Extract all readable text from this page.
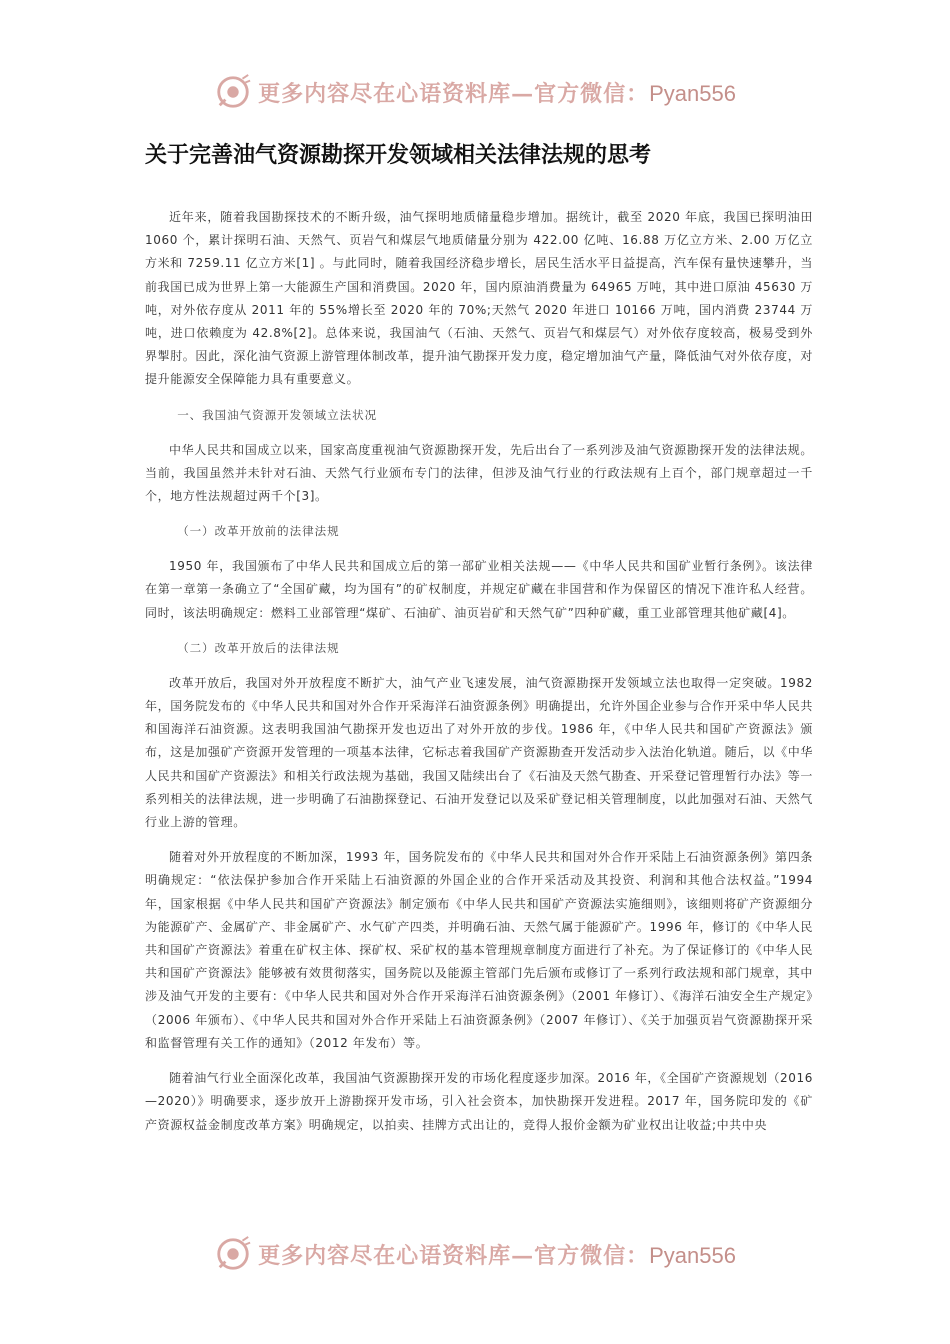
更多内容尽在心语资料库—官方微信：Pyan556
关于完善油气资源勘探开发领域相关法律法规的思考

近年来，随着我国勘探技术的不断升级，油气探明地质储量稳步增加。据统计，截至 2020 年底，我国已探明油田 1060 个，累计探明石油、天然气、页岩气和煤层气地质储量分别为 422.00 亿吨、16.88 万亿立方米、2.00 万亿立方米和 7259.11 亿立方米[1] 。与此同时，随着我国经济稳步增长，居民生活水平日益提高，汽车保有量快速攀升，当前我国已成为世界上第一大能源生产国和消费国。2020 年，国内原油消费量为 64965 万吨，其中进口原油 45630 万吨，对外依存度从 2011 年的 55%增长至 2020 年的 70%;天然气 2020 年进口 10166 万吨，国内消费 23744 万吨，进口依赖度为 42.8%[2]。总体来说，我国油气（石油、天然气、页岩气和煤层气）对外依存度较高，极易受到外界掣肘。因此，深化油气资源上游管理体制改革，提升油气勘探开发力度，稳定增加油气产量，降低油气对外依存度，对提升能源安全保障能力具有重要意义。

一、我国油气资源开发领域立法状况

中华人民共和国成立以来，国家高度重视油气资源勘探开发，先后出台了一系列涉及油气资源勘探开发的法律法规。当前，我国虽然并未针对石油、天然气行业颁布专门的法律，但涉及油气行业的行政法规有上百个，部门规章超过一千个，地方性法规超过两千个[3]。

（一）改革开放前的法律法规

1950 年，我国颁布了中华人民共和国成立后的第一部矿业相关法规——《中华人民共和国矿业暂行条例》。该法律在第一章第一条确立了“全国矿藏，均为国有”的矿权制度，并规定矿藏在非国营和作为保留区的情况下准许私人经营。同时，该法明确规定：燃料工业部管理“煤矿、石油矿、油页岩矿和天然气矿”四种矿藏，重工业部管理其他矿藏[4]。

（二）改革开放后的法律法规

改革开放后，我国对外开放程度不断扩大，油气产业飞速发展，油气资源勘探开发领域立法也取得一定突破。1982 年，国务院发布的《中华人民共和国对外合作开采海洋石油资源条例》明确提出，允许外国企业参与合作开采中华人民共和国海洋石油资源。这表明我国油气勘探开发也迈出了对外开放的步伐。1986 年，《中华人民共和国矿产资源法》颁布，这是加强矿产资源开发管理的一项基本法律，它标志着我国矿产资源勘查开发活动步入法治化轨道。随后，以《中华人民共和国矿产资源法》和相关行政法规为基础，我国又陆续出台了《石油及天然气勘查、开采登记管理暂行办法》等一系列相关的法律法规，进一步明确了石油勘探登记、石油开发登记以及采矿登记相关管理制度，以此加强对石油、天然气行业上游的管理。

随着对外开放程度的不断加深，1993 年，国务院发布的《中华人民共和国对外合作开采陆上石油资源条例》第四条明确规定：“依法保护参加合作开采陆上石油资源的外国企业的合作开采活动及其投资、利润和其他合法权益。”1994 年，国家根据《中华人民共和国矿产资源法》制定颁布《中华人民共和国矿产资源法实施细则》，该细则将矿产资源细分为能源矿产、金属矿产、非金属矿产、水气矿产四类，并明确石油、天然气属于能源矿产。1996 年，修订的《中华人民共和国矿产资源法》着重在矿权主体、探矿权、采矿权的基本管理规章制度方面进行了补充。为了保证修订的《中华人民共和国矿产资源法》能够被有效贯彻落实，国务院以及能源主管部门先后颁布或修订了一系列行政法规和部门规章，其中涉及油气开发的主要有：《中华人民共和国对外合作开采海洋石油资源条例》（2001 年修订）、《海洋石油安全生产规定》（2006 年颁布）、《中华人民共和国对外合作开采陆上石油资源条例》（2007 年修订）、《关于加强页岩气资源勘探开采和监督管理有关工作的通知》（2012 年发布）等。

随着油气行业全面深化改革，我国油气资源勘探开发的市场化程度逐步加深。2016 年，《全国矿产资源规划（2016—2020）》明确要求，逐步放开上游勘探开发市场，引入社会资本，加快勘探开发进程。2017 年，国务院印发的《矿产资源权益金制度改革方案》明确规定，以拍卖、挂牌方式出让的，竞得人报价金额为矿业权出让收益;中共中央

更多内容尽在心语资料库—官方微信：Pyan556
